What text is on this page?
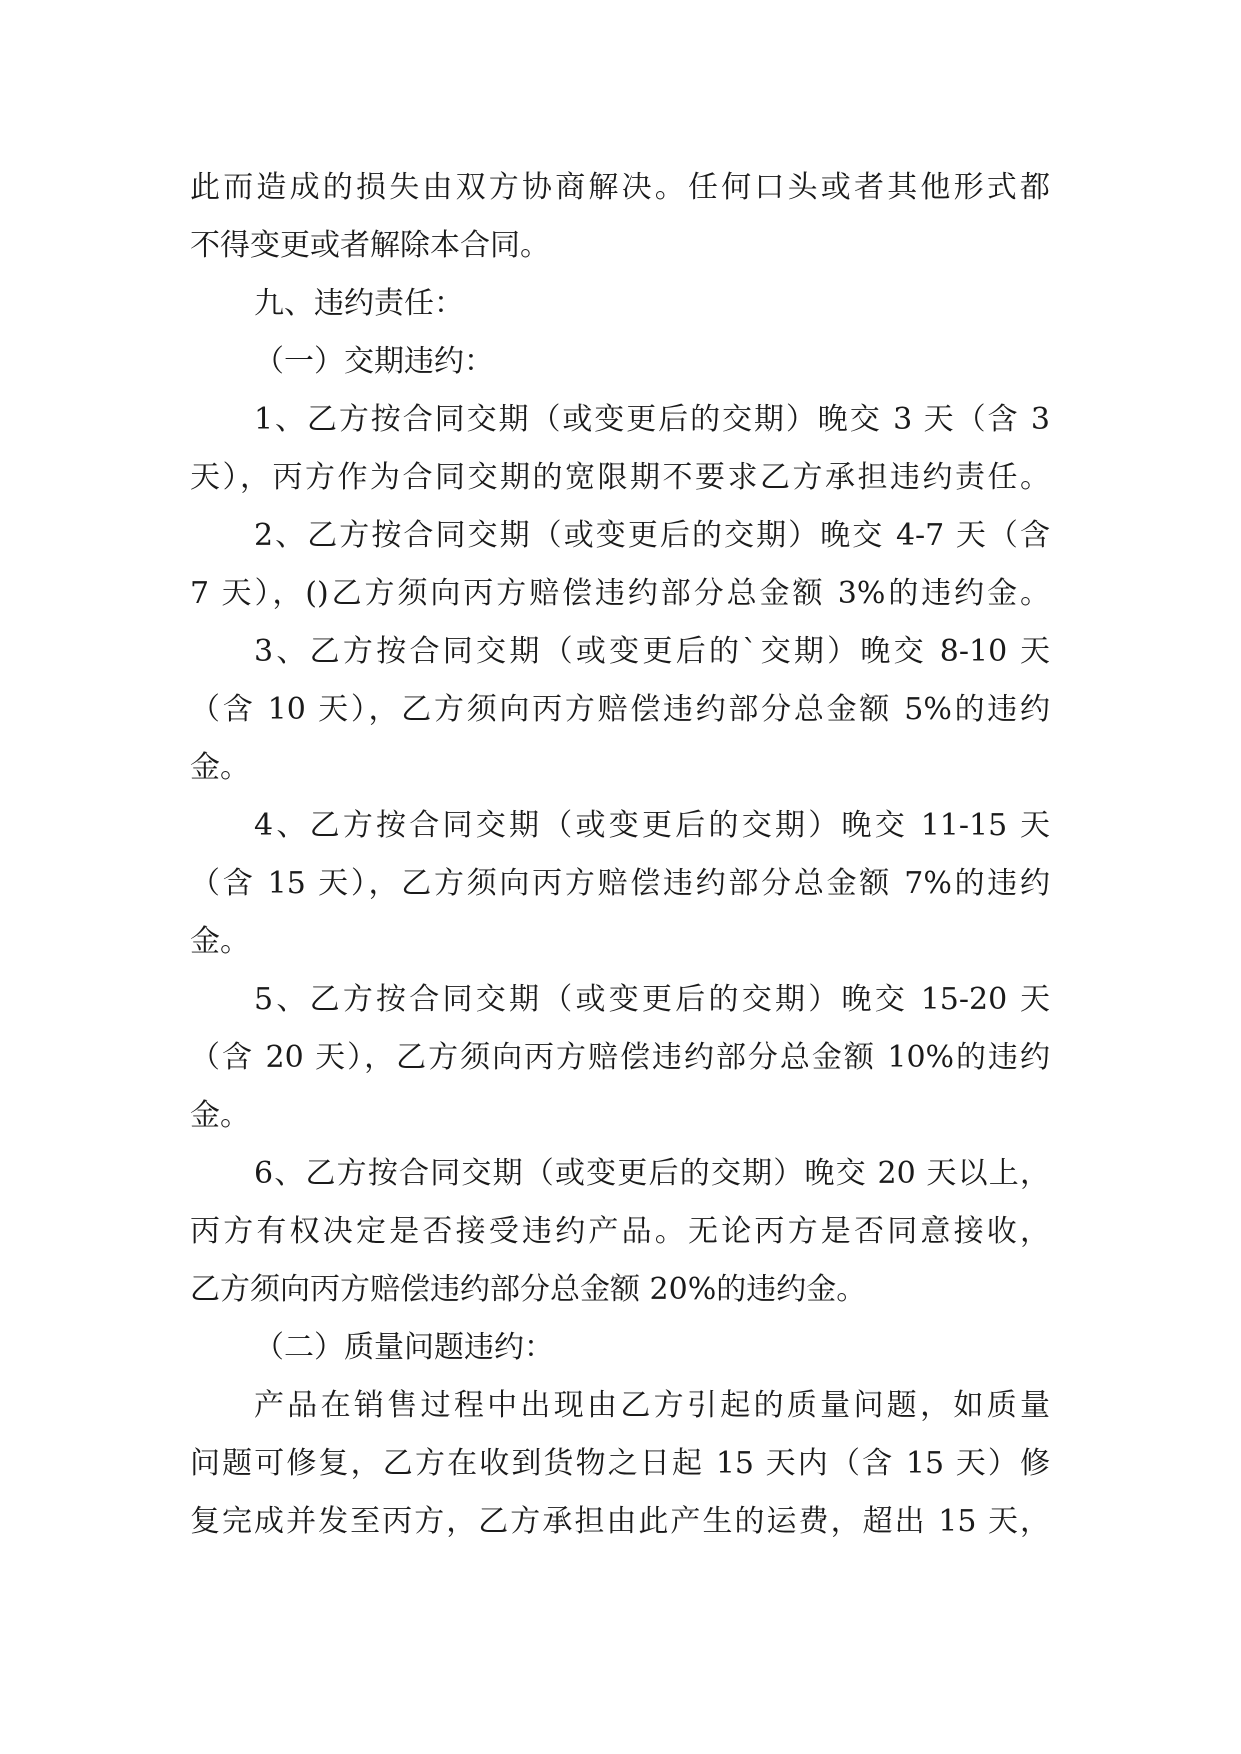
此而造成的损失由双方协商解决。任何口头或者其他形式都
不得变更或者解除本合同。
九、违约责任：
（一）交期违约：
1、乙方按合同交期（或变更后的交期）晚交 3 天（含 3
天），丙方作为合同交期的宽限期不要求乙方承担违约责任。
2、乙方按合同交期（或变更后的交期）晚交 4-7 天（含
7 天），()乙方须向丙方赔偿违约部分总金额 3%的违约金。
3、乙方按合同交期（或变更后的`交期）晚交 8-10 天
（含 10 天），乙方须向丙方赔偿违约部分总金额 5%的违约
金。
4、乙方按合同交期（或变更后的交期）晚交 11-15 天
（含 15 天），乙方须向丙方赔偿违约部分总金额 7%的违约
金。
5、乙方按合同交期（或变更后的交期）晚交 15-20 天
（含 20 天），乙方须向丙方赔偿违约部分总金额 10%的违约
金。
6、乙方按合同交期（或变更后的交期）晚交 20 天以上，
丙方有权决定是否接受违约产品。无论丙方是否同意接收，
乙方须向丙方赔偿违约部分总金额 20%的违约金。
（二）质量问题违约：
产品在销售过程中出现由乙方引起的质量问题，如质量
问题可修复，乙方在收到货物之日起 15 天内（含 15 天）修
复完成并发至丙方，乙方承担由此产生的运费，超出 15 天，
